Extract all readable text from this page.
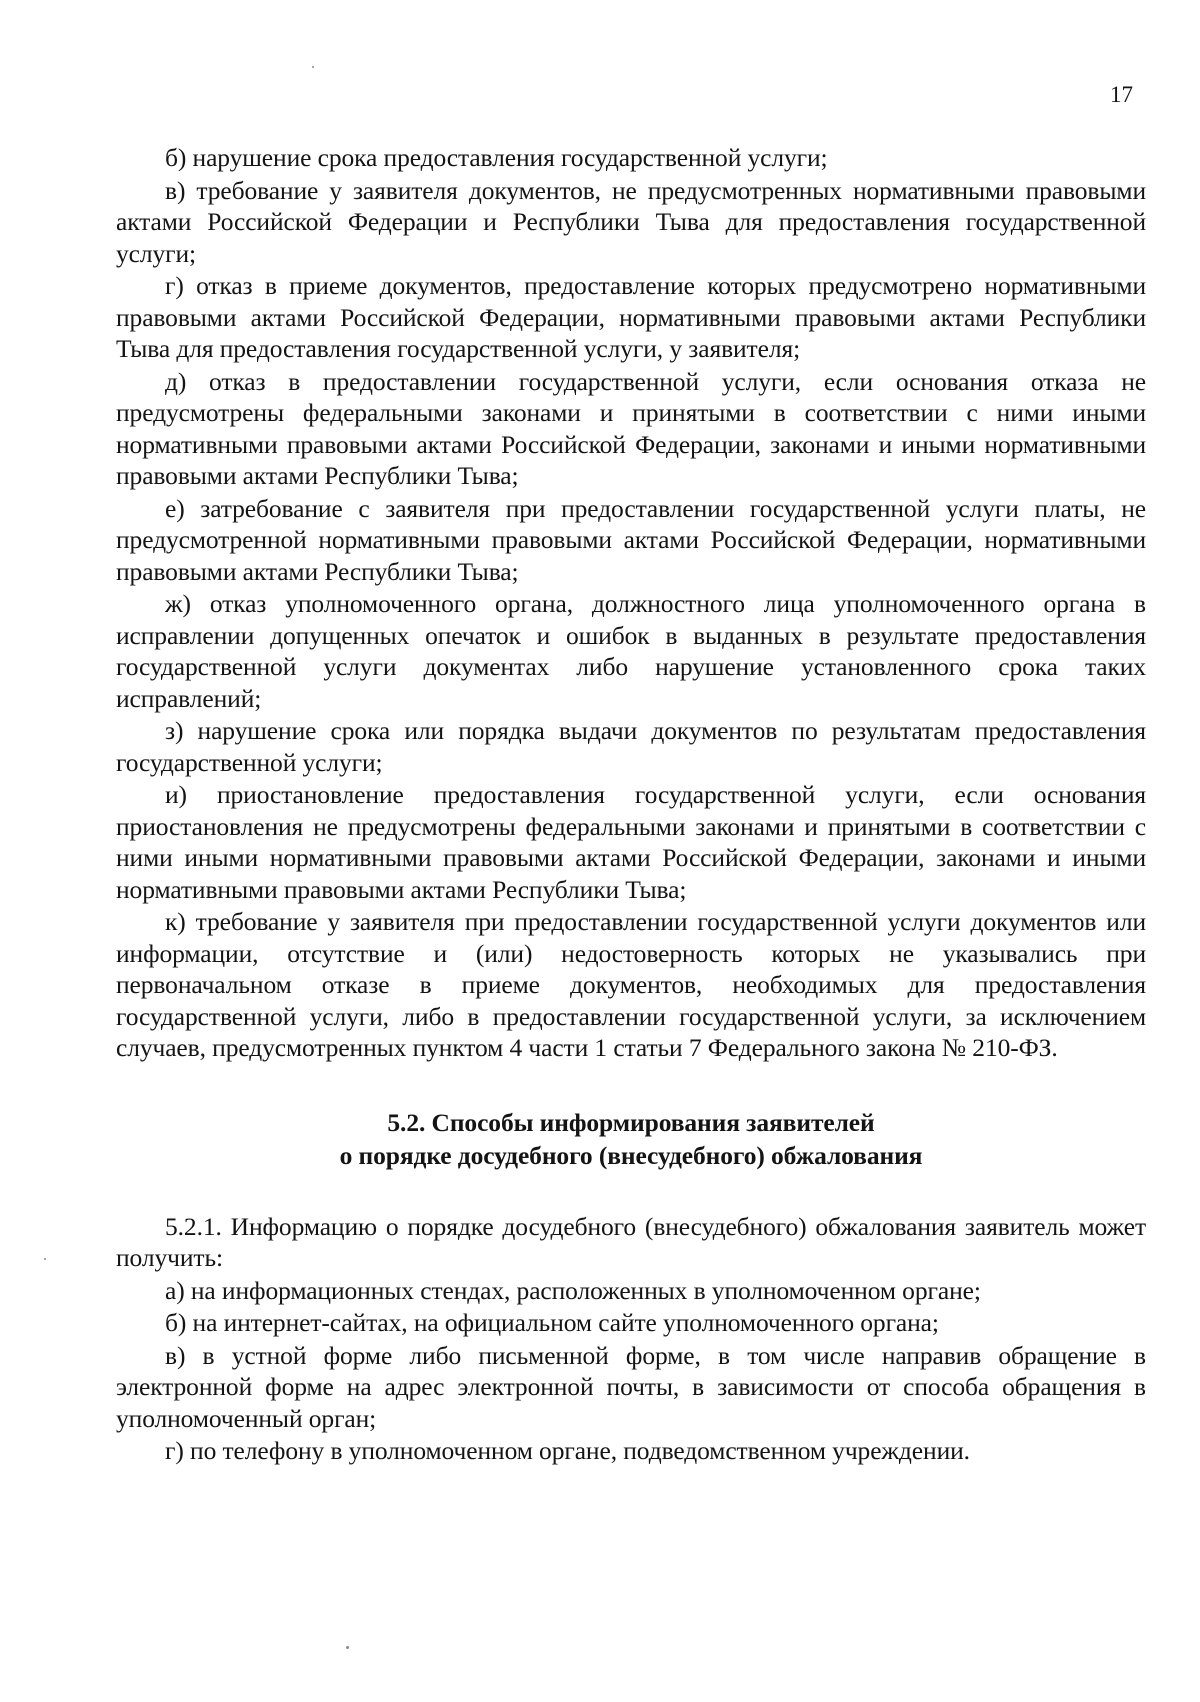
17

б) нарушение срока предоставления государственной услуги;

в) требование у заявителя документов, не предусмотренных нормативными правовыми актами Российской Федерации и Республики Тыва для предоставления государственной услуги;

г) отказ в приеме документов, предоставление которых предусмотрено нормативными правовыми актами Российской Федерации, нормативными правовыми актами Республики Тыва для предоставления государственной услуги, у заявителя;

д) отказ в предоставлении государственной услуги, если основания отказа не предусмотрены федеральными законами и принятыми в соответствии с ними иными нормативными правовыми актами Российской Федерации, законами и иными нормативными правовыми актами Республики Тыва;

е) затребование с заявителя при предоставлении государственной услуги платы, не предусмотренной нормативными правовыми актами Российской Федерации, нормативными правовыми актами Республики Тыва;

ж) отказ уполномоченного органа, должностного лица уполномоченного органа в исправлении допущенных опечаток и ошибок в выданных в результате предоставления государственной услуги документах либо нарушение установленного срока таких исправлений;

з) нарушение срока или порядка выдачи документов по результатам предоставления государственной услуги;

и) приостановление предоставления государственной услуги, если основания приостановления не предусмотрены федеральными законами и принятыми в соответствии с ними иными нормативными правовыми актами Российской Федерации, законами и иными нормативными правовыми актами Республики Тыва;

к) требование у заявителя при предоставлении государственной услуги документов или информации, отсутствие и (или) недостоверность которых не указывались при первоначальном отказе в приеме документов, необходимых для предоставления государственной услуги, либо в предоставлении государственной услуги, за исключением случаев, предусмотренных пунктом 4 части 1 статьи 7 Федерального закона № 210-ФЗ.

5.2. Способы информирования заявителей
о порядке досудебного (внесудебного) обжалования

5.2.1. Информацию о порядке досудебного (внесудебного) обжалования заявитель может получить:

а) на информационных стендах, расположенных в уполномоченном органе;

б) на интернет-сайтах, на официальном сайте уполномоченного органа;

в) в устной форме либо письменной форме, в том числе направив обращение в электронной форме на адрес электронной почты, в зависимости от способа обращения в уполномоченный орган;

г) по телефону в уполномоченном органе, подведомственном учреждении.
